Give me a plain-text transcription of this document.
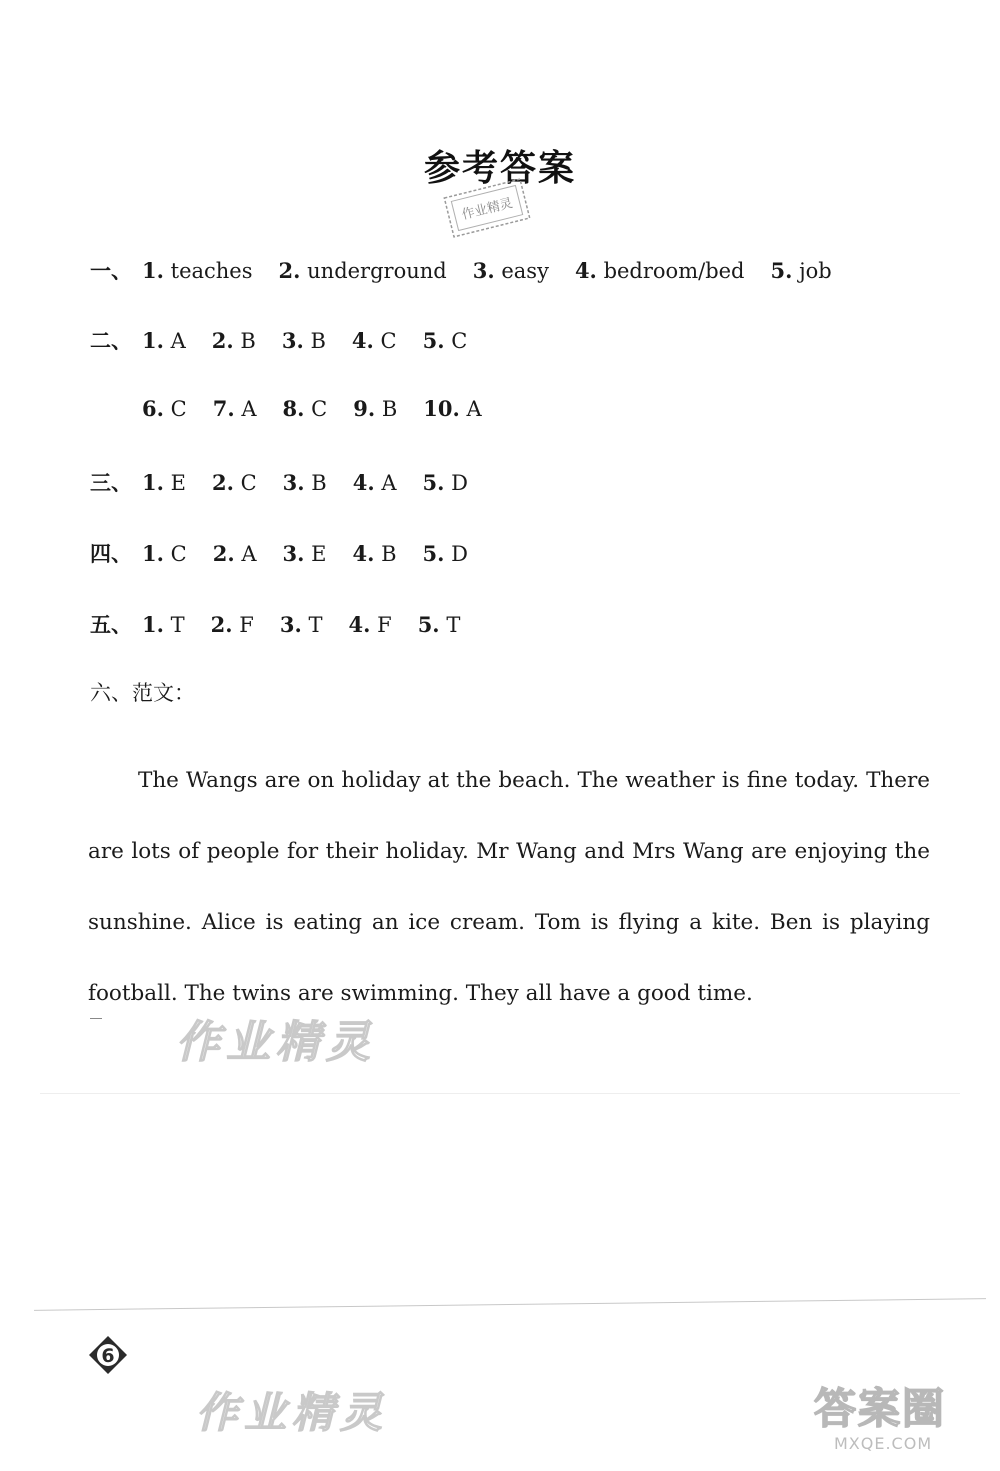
参考答案
作业精灵
一、 1. teaches 2. underground 3. easy 4. bedroom/bed 5. job
二、 1. A 2. B 3. B 4. C 5. C
6. C 7. A 8. C 9. B 10. A
三、 1. E 2. C 3. B 4. A 5. D
四、 1. C 2. A 3. E 4. B 5. D
五、 1. T 2. F 3. T 4. F 5. T
六、范文：

The Wangs are on holiday at the beach. The weather is fine today. There are lots of people for their holiday. Mr Wang and Mrs Wang are enjoying the sunshine. Alice is eating an ice cream. Tom is flying a kite. Ben is playing football. The twins are swimming. They all have a good time.

作业精灵
6
作业精灵	答案圈
MXQE.COM
